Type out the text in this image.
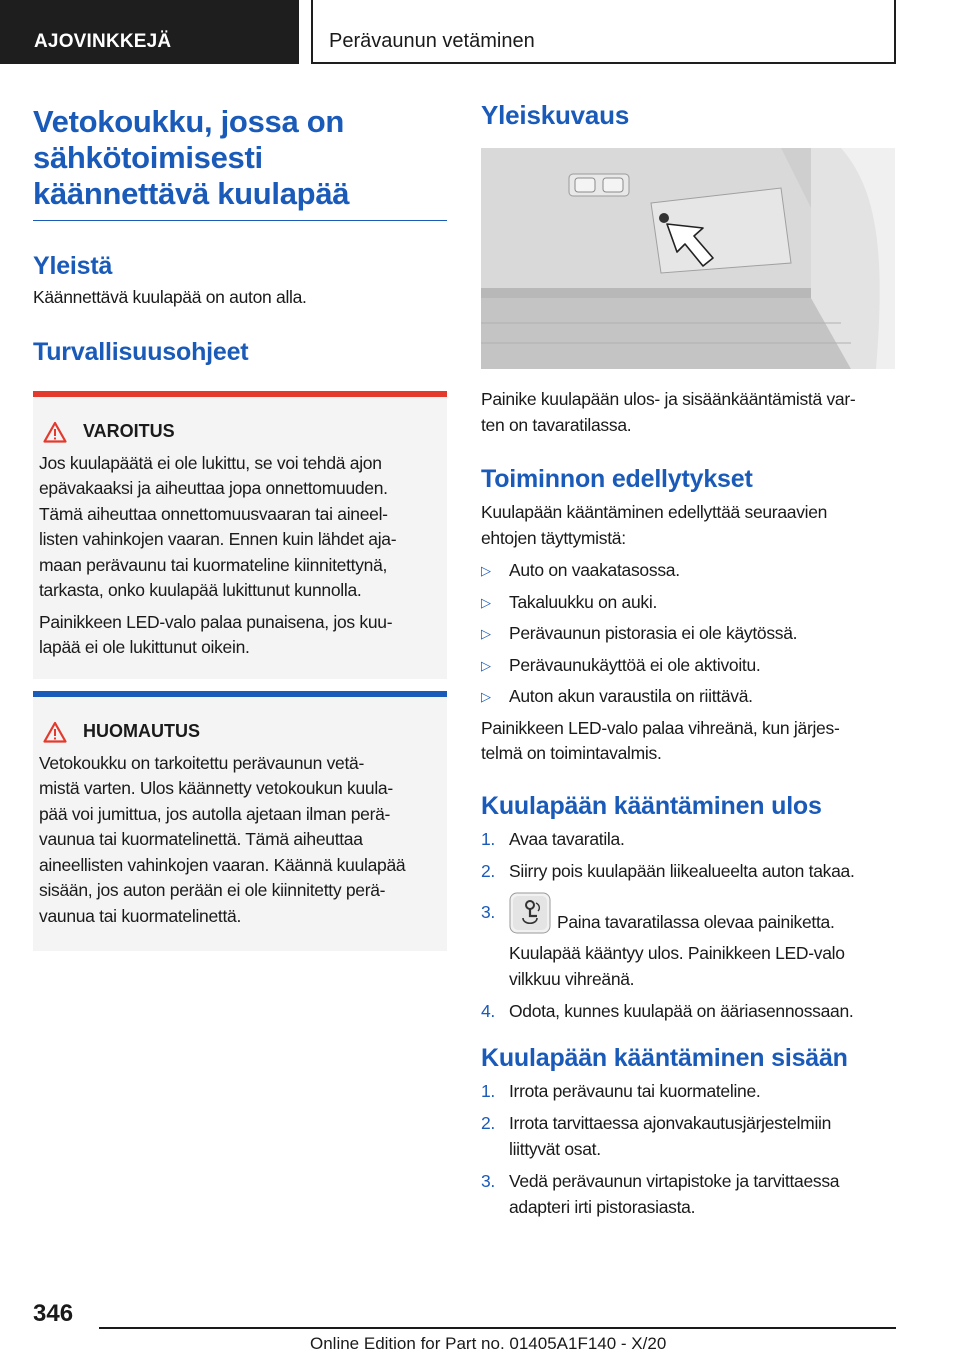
AJOVINKKEJÄ	Perävaunun vetäminen
Vetokoukku, jossa on
sähkötoimisesti
käännettävä kuulapää
Yleistä

Käännettävä kuulapää on auton alla.

Turvallisuusohjeet
VAROITUS

Jos kuulapäätä ei ole lukittu, se voi tehdä ajon
epävakaaksi ja aiheuttaa jopa onnettomuuden.
Tämä aiheuttaa onnettomuusvaaran tai aineel-
listen vahinkojen vaaran. Ennen kuin lähdet aja-
maan perävaunu tai kuormateline kiinnitettynä,
tarkasta, onko kuulapää lukittunut kunnolla.

Painikkeen LED-valo palaa punaisena, jos kuu-
lapää ei ole lukittunut oikein.

HUOMAUTUS

Vetokoukku on tarkoitettu perävaunun vetä-
mistä varten. Ulos käännetty vetokoukun kuula-
pää voi jumittua, jos autolla ajetaan ilman perä-
vaunua tai kuormatelinettä. Tämä aiheuttaa
aineellisten vahinkojen vaaran. Käännä kuulapää
sisään, jos auton perään ei ole kiinnitetty perä-
vaunua tai kuormatelinettä.

Yleiskuvaus

Painike kuulapään ulos- ja sisäänkääntämistä var-
ten on tavaratilassa.

Toiminnon edellytykset

Kuulapään kääntäminen edellyttää seuraavien
ehtojen täyttymistä:

▷	Auto on vaakatasossa.
▷	Takaluukku on auki.
▷	Perävaunun pistorasia ei ole käytössä.
▷	Perävaunukäyttöä ei ole aktivoitu.
▷	Auton akun varaustila on riittävä.

Painikkeen LED-valo palaa vihreänä, kun järjes-
telmä on toimintavalmis.

Kuulapään kääntäminen ulos
1. Avaa tavaratila.
2. Siirry pois kuulapään liikealueelta auton takaa.
3.	Paina tavaratilassa olevaa painiketta.
Kuulapää kääntyy ulos. Painikkeen LED-valo
vilkkuu vihreänä.
4. Odota, kunnes kuulapää on ääriasennossaan.
Kuulapään kääntäminen sisään
1. Irrota perävaunu tai kuormateline.
2. Irrota tarvittaessa ajonvakautusjärjestelmiin
liittyvät osat.
3. Vedä perävaunun virtapistoke ja tarvittaessa
adapteri irti pistorasiasta.
346
Online Edition for Part no. 01405A1F140 - X/20
